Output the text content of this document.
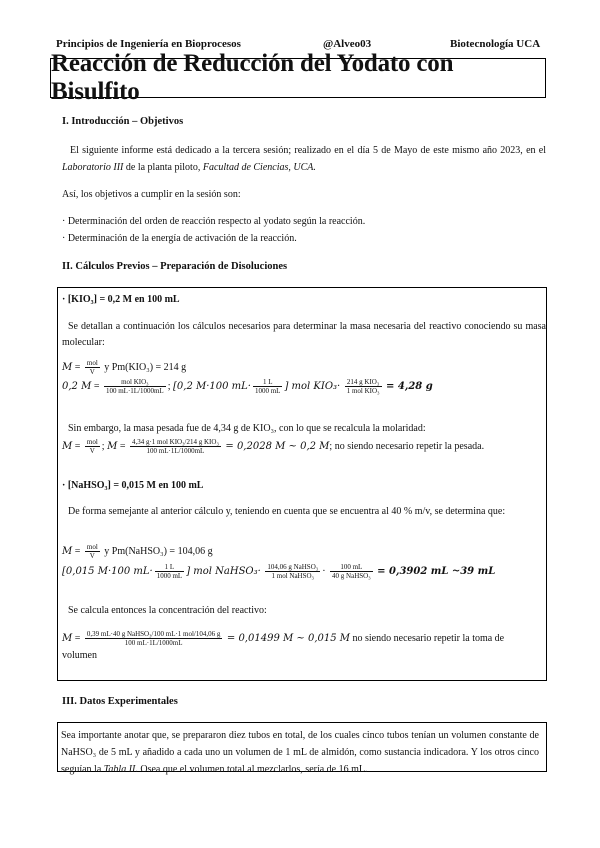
Principios de Ingeniería en Bioprocesos	@Alveo03	Biotecnología UCA
Reacción de Reducción del Yodato con Bisulfito
I. Introducción – Objetivos
El siguiente informe está dedicado a la tercera sesión; realizado en el día 5 de Mayo de este mismo año 2023, en el Laboratorio III de la planta piloto, Facultad de Ciencias, UCA.
Así, los objetivos a cumplir en la sesión son:
· Determinación del orden de reacción respecto al yodato según la reacción.
· Determinación de la energía de activación de la reacción.
II. Cálculos Previos – Preparación de Disoluciones
· [KIO₃] = 0,2 M en 100 mL
Se detallan a continuación los cálculos necesarios para determinar la masa necesaria del reactivo conociendo su masa molecular:
$M = \frac{\text{mol}}{V}$ y Pm(KIO₃) = 214 g
0,2 $M = \frac{\text{mol KIO₃}}{100 mL\cdot 1L/1000mL}$ ; [0,2 M·100 $mL\cdot \frac{1 L}{1000 mL}$ ] mol $KIO_3\cdot \frac{\text{214 g KIO₃}}{\text{1 mol KIO₃}} = 4,28$ g
Sin embargo, la masa pesada fue de 4,34 g de KIO₃, con lo que se recalcula la molaridad:
$M = \frac{\text{mol}}{V}$ ; $M = \frac{\text{4,34 g·1 mol KIO₃/214 g KIO₃}}{100 mL\cdot 1L/1000mL} = 0,2028$ M ~ 0,2 M; no siendo necesario repetir la pesada.
· [NaHSO₃] = 0,015 M en 100 mL
De forma semejante al anterior cálculo y, teniendo en cuenta que se encuentra al 40 % m/v, se determina que:
$M = \frac{\text{mol}}{V}$ y Pm(NaHSO₃) = 104,06 g
[0,015 M·100 $mL\cdot \frac{1 L}{1000 mL}$ ] mol NaHSO₃· $\frac{\text{104,06 g NaHSO₃}}{\text{1 mol NaHSO₃}} \cdot \frac{100 mL}{\text{40 g NaHSO₃}} = 0,3902$ mL ~39 mL
Se calcula entonces la concentración del reactivo:
$M = \frac{\text{0,39 mL·40 g NaHSO₃/100 mL·1 mol/104,06 g}}{100 mL\cdot 1L/1000mL} = 0,01499$ M ~ 0,015 M no siendo necesario repetir la toma de volumen
III. Datos Experimentales
Sea importante anotar que, se prepararon diez tubos en total, de los cuales cinco tubos tenían un volumen constante de NaHSO₃ de 5 mL y añadido a cada uno un volumen de 1 mL de almidón, como sustancia indicadora. Y los otros cinco seguían la Tabla II. Osea que el volumen total al mezclarlos, sería de 16 mL.
